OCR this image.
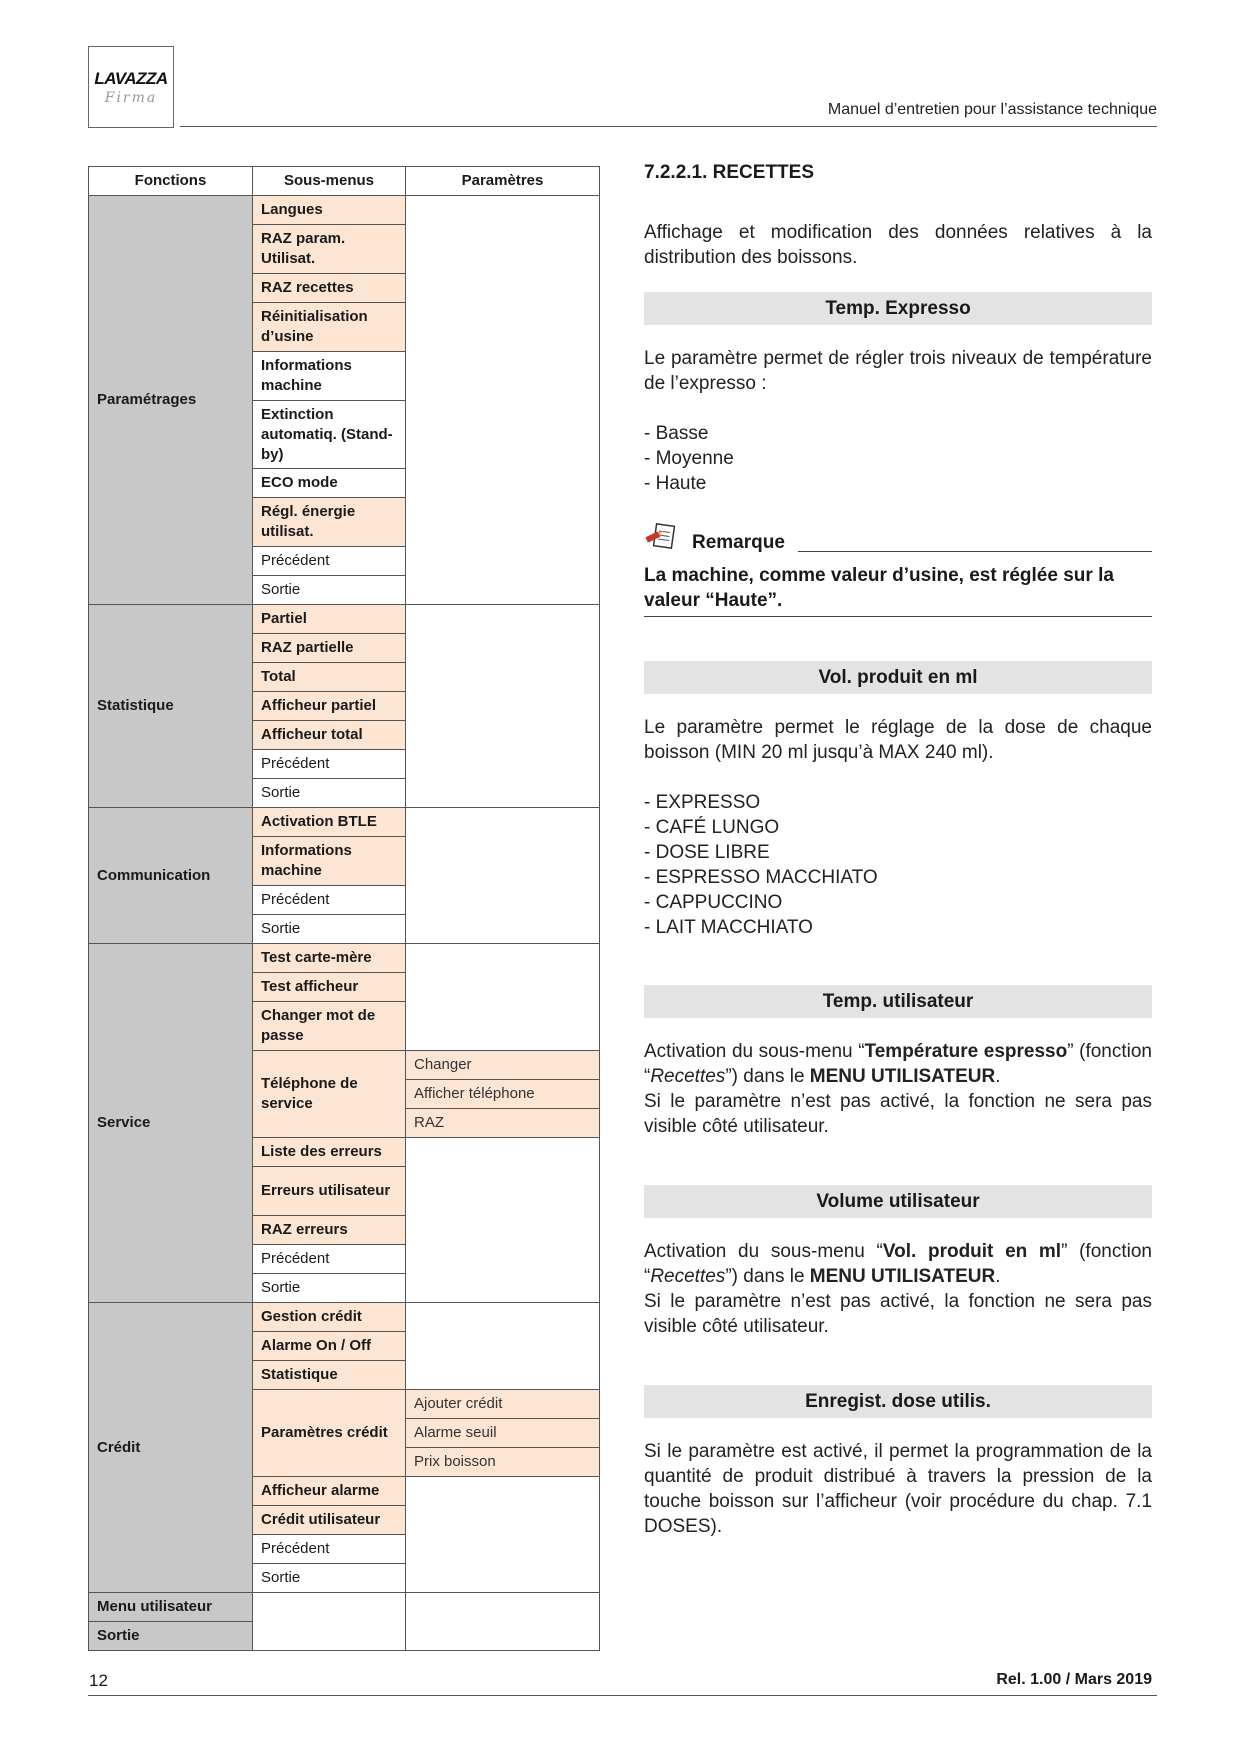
LAVAZZA
Firma
Manuel d’entretien pour l’assistance technique
Fonctions	Sous-menus	Paramètres
Paramétrages	Langues	
	RAZ param. Utilisat.	
	RAZ recettes	
	Réinitialisation d’usine	
	Informations machine	
	Extinction automatiq. (Stand-by)	
	ECO mode	
	Régl. énergie utilisat.	
	Précédent	
	Sortie	
Statistique	Partiel	
	RAZ partielle	
	Total	
	Afficheur partiel	
	Afficheur total	
	Précédent	
	Sortie	
Communication	Activation BTLE	
	Informations machine	
	Précédent	
	Sortie	
Service	Test carte-mère	
	Test afficheur	
	Changer mot de passe	
	Téléphone de service	Changer
		Afficher téléphone
		RAZ
	Liste des erreurs	
	Erreurs utilisateur	
	RAZ erreurs	
	Précédent	
	Sortie	
Crédit	Gestion crédit	
	Alarme On / Off	
	Statistique	
	Paramètres crédit	Ajouter crédit
		Alarme seuil
		Prix boisson
	Afficheur alarme	
	Crédit utilisateur	
	Précédent	
	Sortie	
Menu utilisateur		
Sortie		
7.2.2.1. RECETTES

Affichage et modification des données relatives à la distribution des boissons.

Temp. Expresso

Le paramètre permet de régler trois niveaux de température de l’expresso :

- Basse
- Moyenne
- Haute
Remarque
La machine, comme valeur d’usine, est réglée sur la valeur “Haute”.
Vol. produit en ml

Le paramètre permet le réglage de la dose de chaque boisson (MIN 20 ml jusqu’à MAX 240 ml).

- EXPRESSO
- CAFÉ LUNGO
- DOSE LIBRE
- ESPRESSO MACCHIATO
- CAPPUCCINO
- LAIT MACCHIATO
Temp. utilisateur

Activation du sous-menu “Température espresso” (fonction “Recettes”) dans le MENU UTILISATEUR.

Si le paramètre n’est pas activé, la fonction ne sera pas visible côté utilisateur.

Volume utilisateur

Activation du sous-menu “Vol. produit en ml” (fonction “Recettes”) dans le MENU UTILISATEUR.

Si le paramètre n’est pas activé, la fonction ne sera pas visible côté utilisateur.

Enregist. dose utilis.

Si le paramètre est activé, il permet la programmation de la quantité de produit distribué à travers la pression de la touche boisson sur l’afficheur (voir procédure du chap. 7.1 DOSES).

12	Rel. 1.00 / Mars 2019
